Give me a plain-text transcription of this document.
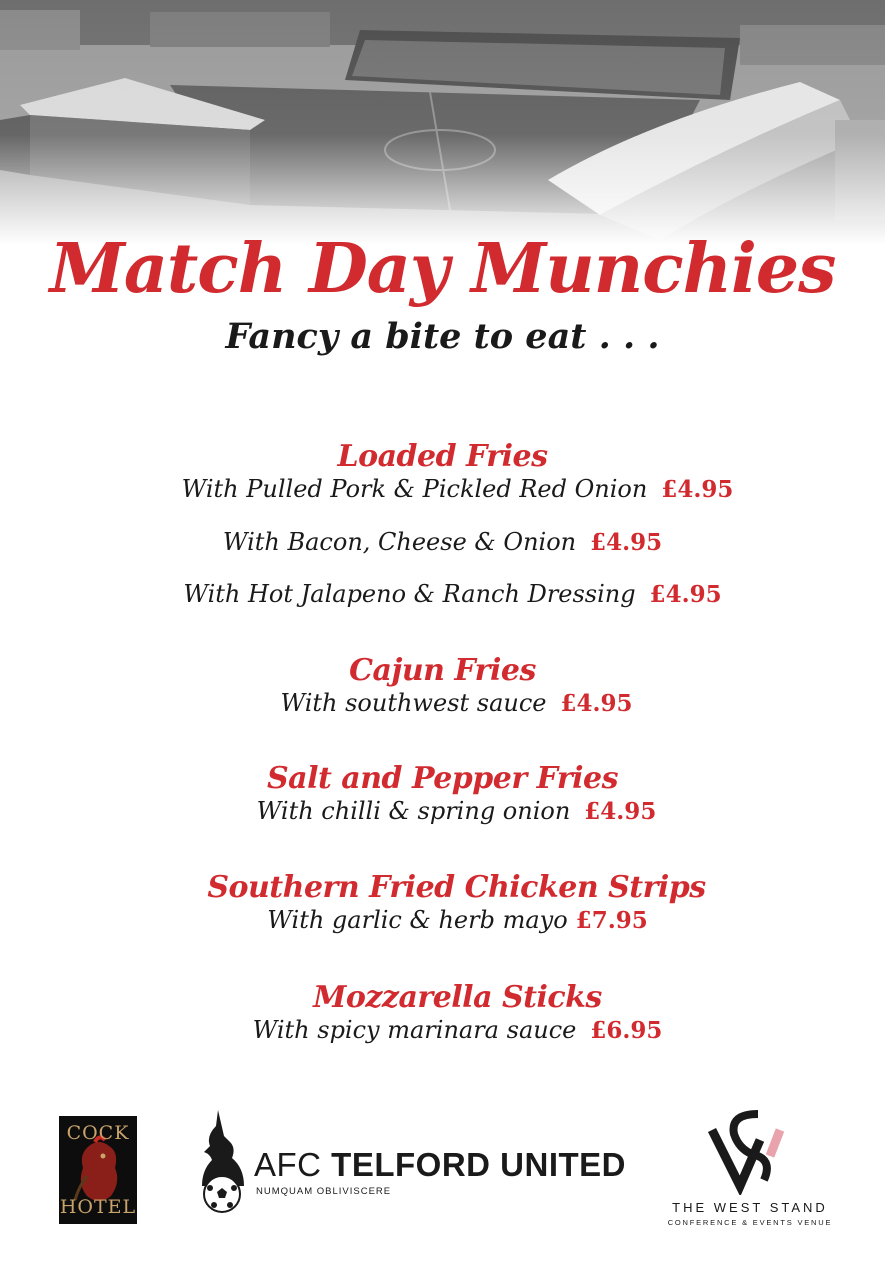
Match Day Munchies
Fancy a bite to eat . . .
Loaded Fries
With Pulled Pork & Pickled Red Onion £4.95
With Bacon, Cheese & Onion £4.95
With Hot Jalapeno & Ranch Dressing £4.95
Cajun Fries
With southwest sauce £4.95
Salt and Pepper Fries
With chilli & spring onion £4.95
Southern Fried Chicken Strips
With garlic & herb mayo £7.95
Mozzarella Sticks
With spicy marinara sauce £6.95
COCK
HOTEL
AFC TELFORD UNITED
NUMQUAM OBLIVISCERE
THE WEST STAND
CONFERENCE & EVENTS VENUE
